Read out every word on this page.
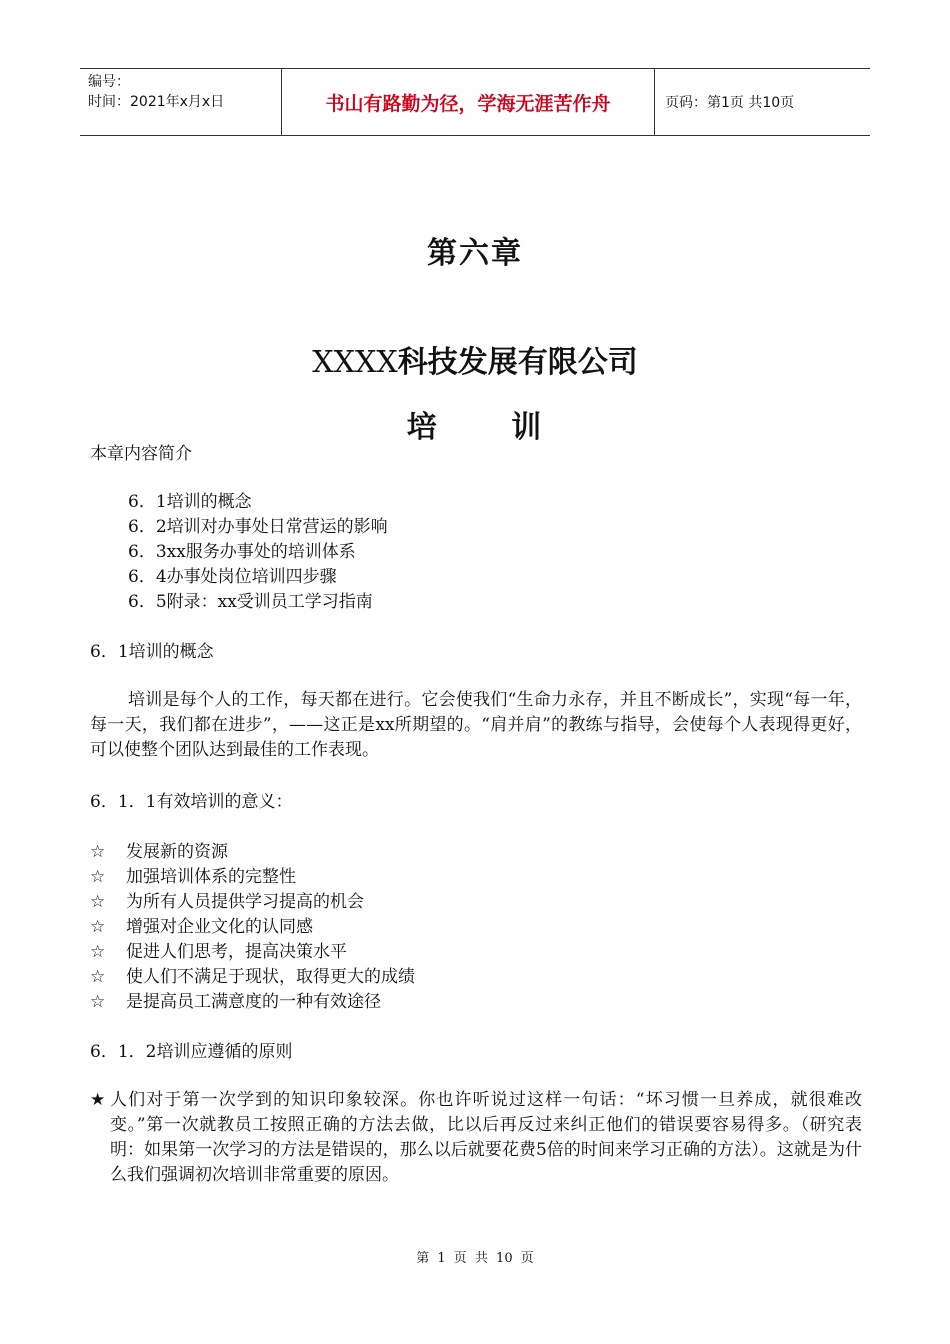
编号：
时间：2021年x月x日	书山有路勤为径，学海无涯苦作舟	页码：第1页 共10页
第六章
XXXX科技发展有限公司
培 训
本章内容简介
6．1培训的概念
6．2培训对办事处日常营运的影响
6．3xx服务办事处的培训体系
6．4办事处岗位培训四步骤
6．5附录：xx受训员工学习指南
6．1培训的概念
培训是每个人的工作，每天都在进行。它会使我们“生命力永存，并且不断成长”，实现“每一年，每一天，我们都在进步”，——这正是xx所期望的。“肩并肩”的教练与指导，会使每个人表现得更好，可以使整个团队达到最佳的工作表现。
6．1．1有效培训的意义：
☆	发展新的资源
☆	加强培训体系的完整性
☆	为所有人员提供学习提高的机会
☆	增强对企业文化的认同感
☆	促进人们思考，提高决策水平
☆	使人们不满足于现状，取得更大的成绩
☆	是提高员工满意度的一种有效途径
6．1．2培训应遵循的原则
★ 人们对于第一次学到的知识印象较深。你也许听说过这样一句话：“坏习惯一旦养成，就很难改变。”第一次就教员工按照正确的方法去做，比以后再反过来纠正他们的错误要容易得多。（研究表明：如果第一次学习的方法是错误的，那么以后就要花费5倍的时间来学习正确的方法）。这就是为什么我们强调初次培训非常重要的原因。
第 1 页 共 10 页
